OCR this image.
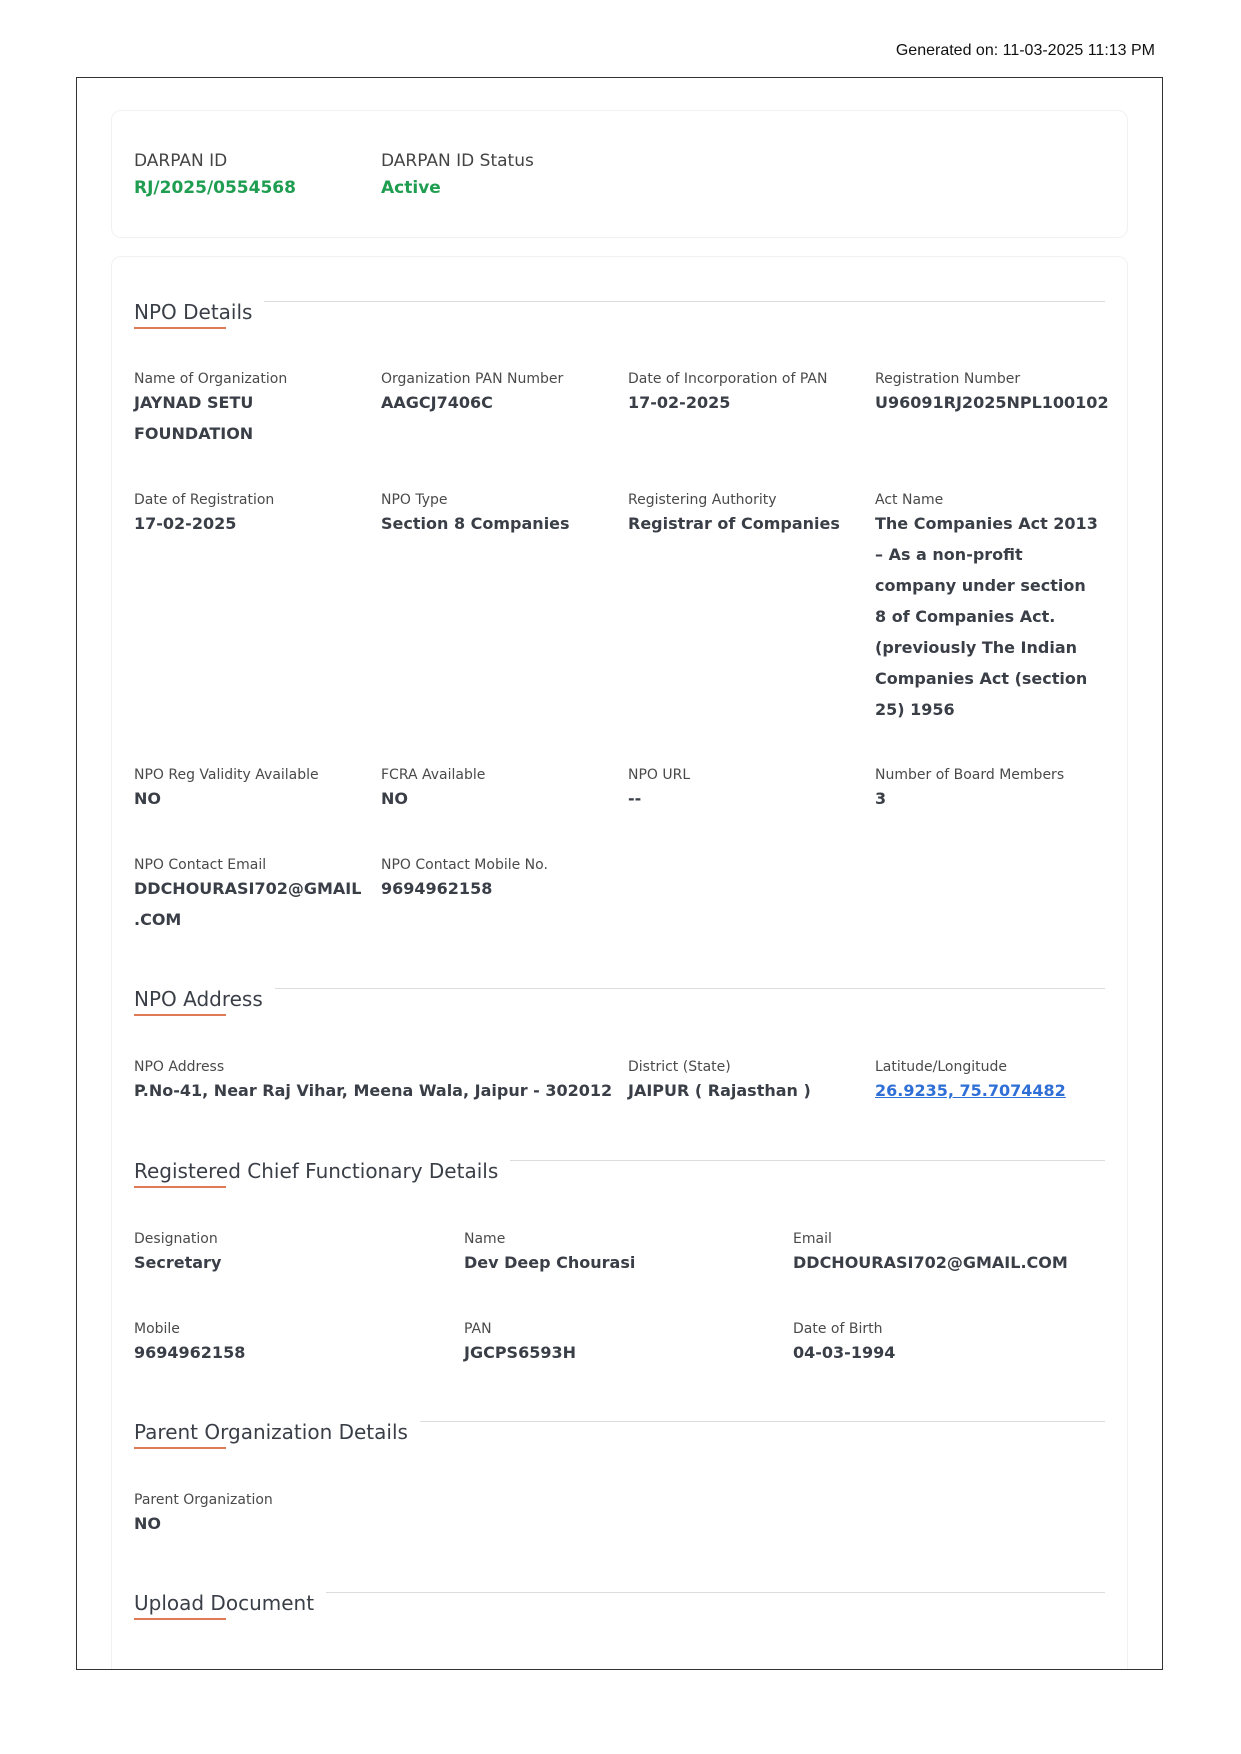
Generated on: 11-03-2025 11:13 PM
DARPAN ID
RJ/2025/0554568
DARPAN ID Status
Active
NPO Details
Name of Organization
JAYNAD SETU
FOUNDATION
Organization PAN Number
AAGCJ7406C
Date of Incorporation of PAN
17-02-2025
Registration Number
U96091RJ2025NPL100102
Date of Registration
17-02-2025
NPO Type
Section 8 Companies
Registering Authority
Registrar of Companies
Act Name
The Companies Act 2013
– As a non-profit
company under section
8 of Companies Act.
(previously The Indian
Companies Act (section
25) 1956
NPO Reg Validity Available
NO
FCRA Available
NO
NPO URL
--
Number of Board Members
3
NPO Contact Email
DDCHOURASI702@GMAIL
.COM
NPO Contact Mobile No.
9694962158
NPO Address
NPO Address
P.No-41, Near Raj Vihar, Meena Wala, Jaipur - 302012
District (State)
JAIPUR ( Rajasthan )
Latitude/Longitude
26.9235, 75.7074482
Registered Chief Functionary Details
Designation
Secretary
Name
Dev Deep Chourasi
Email
DDCHOURASI702@GMAIL.COM
Mobile
9694962158
PAN
JGCPS6593H
Date of Birth
04-03-1994
Parent Organization Details
Parent Organization
NO
Upload Document
